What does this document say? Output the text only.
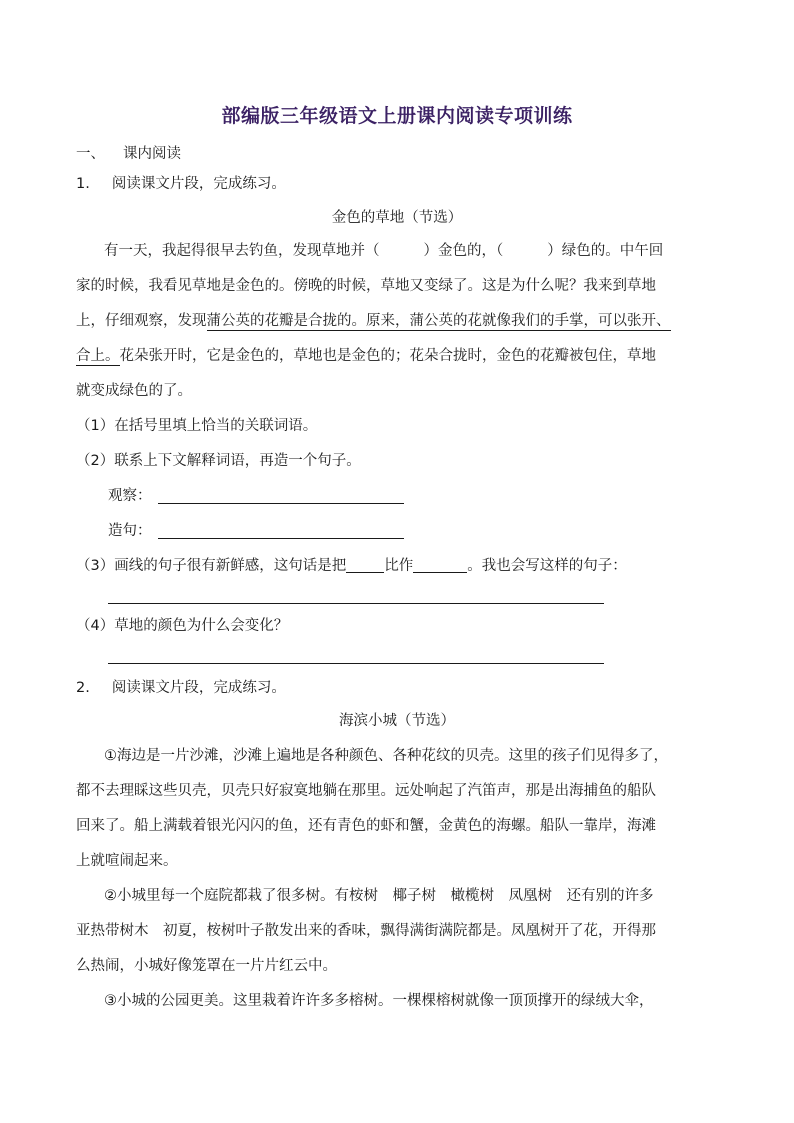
部编版三年级语文上册课内阅读专项训练
一、 课内阅读
1. 阅读课文片段，完成练习。
金色的草地（节选）
有一天，我起得很早去钓鱼，发现草地并（	）金色的，（	）绿色的。中午回
家的时候，我看见草地是金色的。傍晚的时候，草地又变绿了。这是为什么呢？我来到草地
上，仔细观察，发现蒲公英的花瓣是合拢的。原来，蒲公英的花就像我们的手掌，可以张开、
合上。花朵张开时，它是金色的，草地也是金色的；花朵合拢时，金色的花瓣被包住，草地
就变成绿色的了。
（1）在括号里填上恰当的关联词语。
（2）联系上下文解释词语，再造一个句子。
观察：
造句：
（3）画线的句子很有新鲜感，这句话是把	比作	。我也会写这样的句子：
（4）草地的颜色为什么会变化？
2. 阅读课文片段，完成练习。
海滨小城（节选）
①海边是一片沙滩，沙滩上遍地是各种颜色、各种花纹的贝壳。这里的孩子们见得多了，
都不去理睬这些贝壳，贝壳只好寂寞地躺在那里。远处响起了汽笛声，那是出海捕鱼的船队
回来了。船上满载着银光闪闪的鱼，还有青色的虾和蟹，金黄色的海螺。船队一靠岸，海滩
上就喧闹起来。
②小城里每一个庭院都栽了很多树。有桉树　椰子树　橄榄树　凤凰树　还有别的许多
亚热带树木　初夏，桉树叶子散发出来的香味，飘得满街满院都是。凤凰树开了花，开得那
么热闹，小城好像笼罩在一片片红云中。
③小城的公园更美。这里栽着许许多多榕树。一棵棵榕树就像一顶顶撑开的绿绒大伞，
